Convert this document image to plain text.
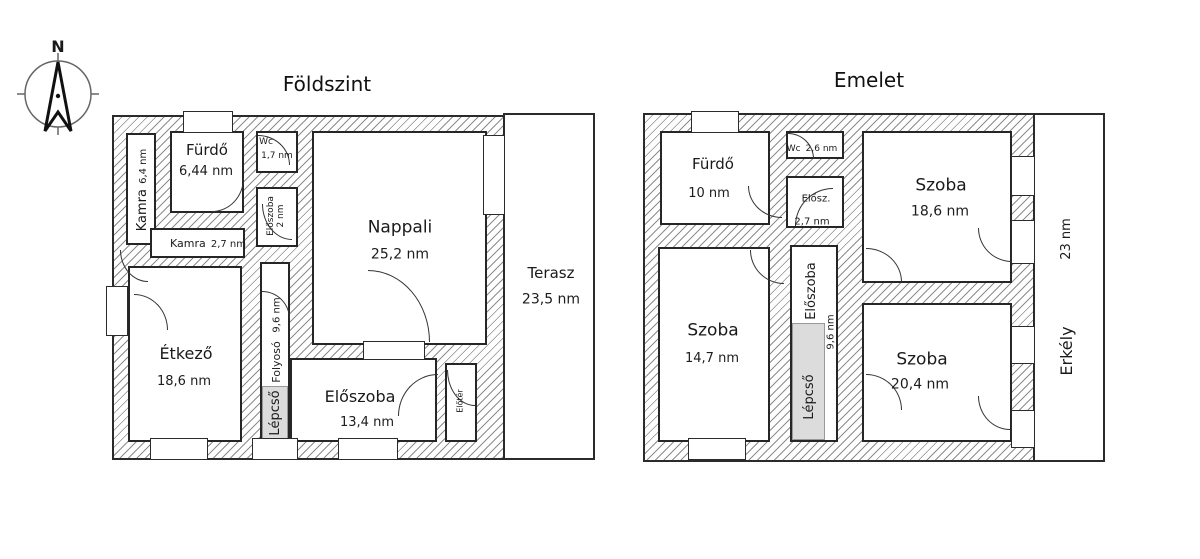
N
Földszint	Emelet
Nappali
25,2 nm
Terasz
23,5 nm
Fürdő
6,44 nm
Kamra 6,4 nm
Wc
1,7 nm
Előszoba 2 nm
Kamra 2,7 nm
Étkező
18,6 nm
9,6 nm
Folyosó
Lépcső	Előszoba
13,4 nm
Előtér
Fürdő
10 nm
Wc 2,6 nm
Elősz.
2,7 nm
Szoba
18,6 nm
Szoba
14,7 nm	Szoba
20,4 nm
Előszoba
9,6 nm
Lépcső
Erkély
23 nm
